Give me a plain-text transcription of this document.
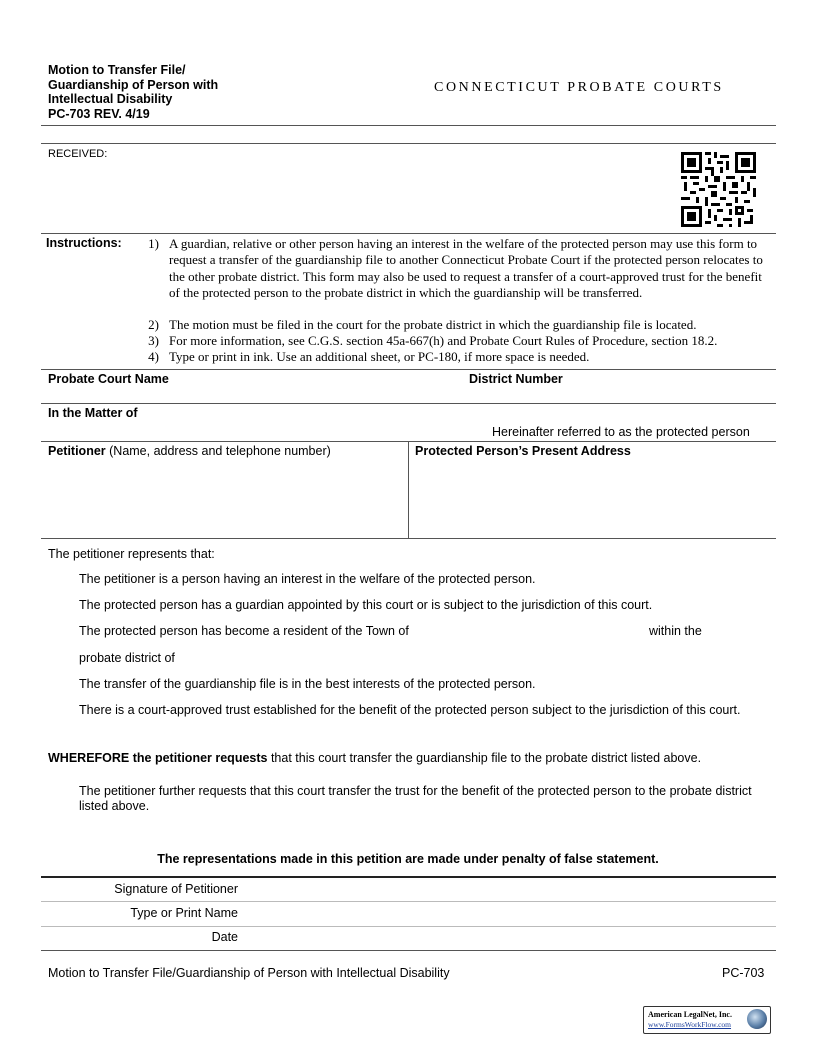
Motion to Transfer File/
Guardianship of Person with
Intellectual Disability
PC-703 REV. 4/19
CONNECTICUT PROBATE COURTS
RECEIVED:
Instructions: 1) A guardian, relative or other person having an interest in the welfare of the protected person may use this form to request a transfer of the guardianship file to another Connecticut Probate Court if the protected person relocates to the other probate district. This form may also be used to request a transfer of a court-approved trust for the benefit of the protected person to the probate district in which the guardianship will be transferred.
2) The motion must be filed in the court for the probate district in which the guardianship file is located.
3) For more information, see C.G.S. section 45a-667(h) and Probate Court Rules of Procedure, section 18.2.
4) Type or print in ink. Use an additional sheet, or PC-180, if more space is needed.
Probate Court Name	District Number
In the Matter of
Hereinafter referred to as the protected person
Petitioner (Name, address and telephone number)	Protected Person’s Present Address
The petitioner represents that:
The petitioner is a person having an interest in the welfare of the protected person.
The protected person has a guardian appointed by this court or is subject to the jurisdiction of this court.
The protected person has become a resident of the Town of	within the
probate district of
The transfer of the guardianship file is in the best interests of the protected person.
There is a court-approved trust established for the benefit of the protected person subject to the jurisdiction of this court.
WHEREFORE the petitioner requests that this court transfer the guardianship file to the probate district listed above.
The petitioner further requests that this court transfer the trust for the benefit of the protected person to the probate district listed above.
The representations made in this petition are made under penalty of false statement.
Signature of Petitioner
Type or Print Name
Date
Motion to Transfer File/Guardianship of Person with Intellectual Disability	PC-703
American LegalNet, Inc.
www.FormsWorkFlow.com
